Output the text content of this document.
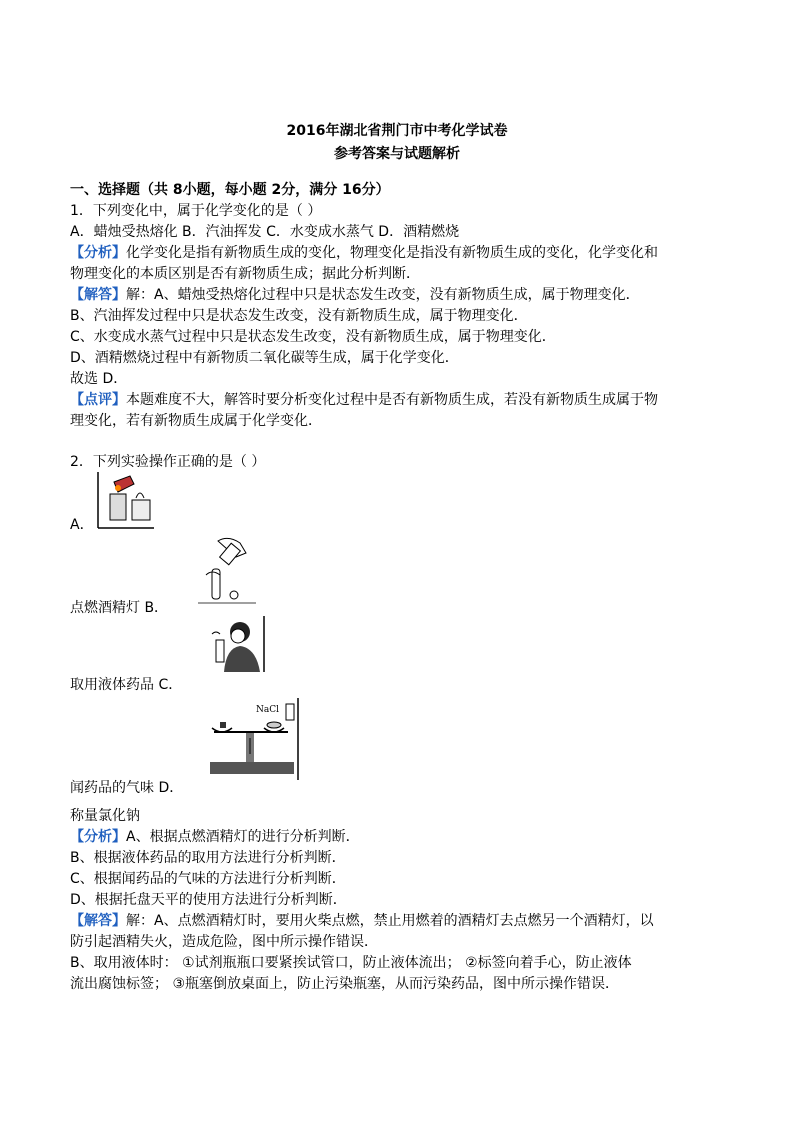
2016年湖北省荆门市中考化学试卷
参考答案与试题解析
一、选择题（共 8小题，每小题 2分，满分 16分）
1．下列变化中，属于化学变化的是（ ）
A．蜡烛受热熔化 B．汽油挥发 C．水变成水蒸气 D．酒精燃烧
【分析】化学变化是指有新物质生成的变化，物理变化是指没有新物质生成的变化，化学变化和
物理变化的本质区别是否有新物质生成；据此分析判断．
【解答】解：A、蜡烛受热熔化过程中只是状态发生改变，没有新物质生成，属于物理变化．
B、汽油挥发过程中只是状态发生改变，没有新物质生成，属于物理变化．
C、水变成水蒸气过程中只是状态发生改变，没有新物质生成，属于物理变化．
D、酒精燃烧过程中有新物质二氧化碳等生成，属于化学变化．
故选 D．
【点评】本题难度不大，解答时要分析变化过程中是否有新物质生成，若没有新物质生成属于物
理变化，若有新物质生成属于化学变化．
2．下列实验操作正确的是（ ）
A．
点燃酒精灯 B．
取用液体药品 C．
NaCl
闻药品的气味 D．
称量氯化钠
【分析】A、根据点燃酒精灯的进行分析判断．
B、根据液体药品的取用方法进行分析判断．
C、根据闻药品的气味的方法进行分析判断．
D、根据托盘天平的使用方法进行分析判断．
【解答】解：A、点燃酒精灯时，要用火柴点燃，禁止用燃着的酒精灯去点燃另一个酒精灯，以
防引起酒精失火，造成危险，图中所示操作错误．
B、取用液体时： ①试剂瓶瓶口要紧挨试管口，防止液体流出； ②标签向着手心，防止液体
流出腐蚀标签； ③瓶塞倒放桌面上，防止污染瓶塞，从而污染药品，图中所示操作错误．
